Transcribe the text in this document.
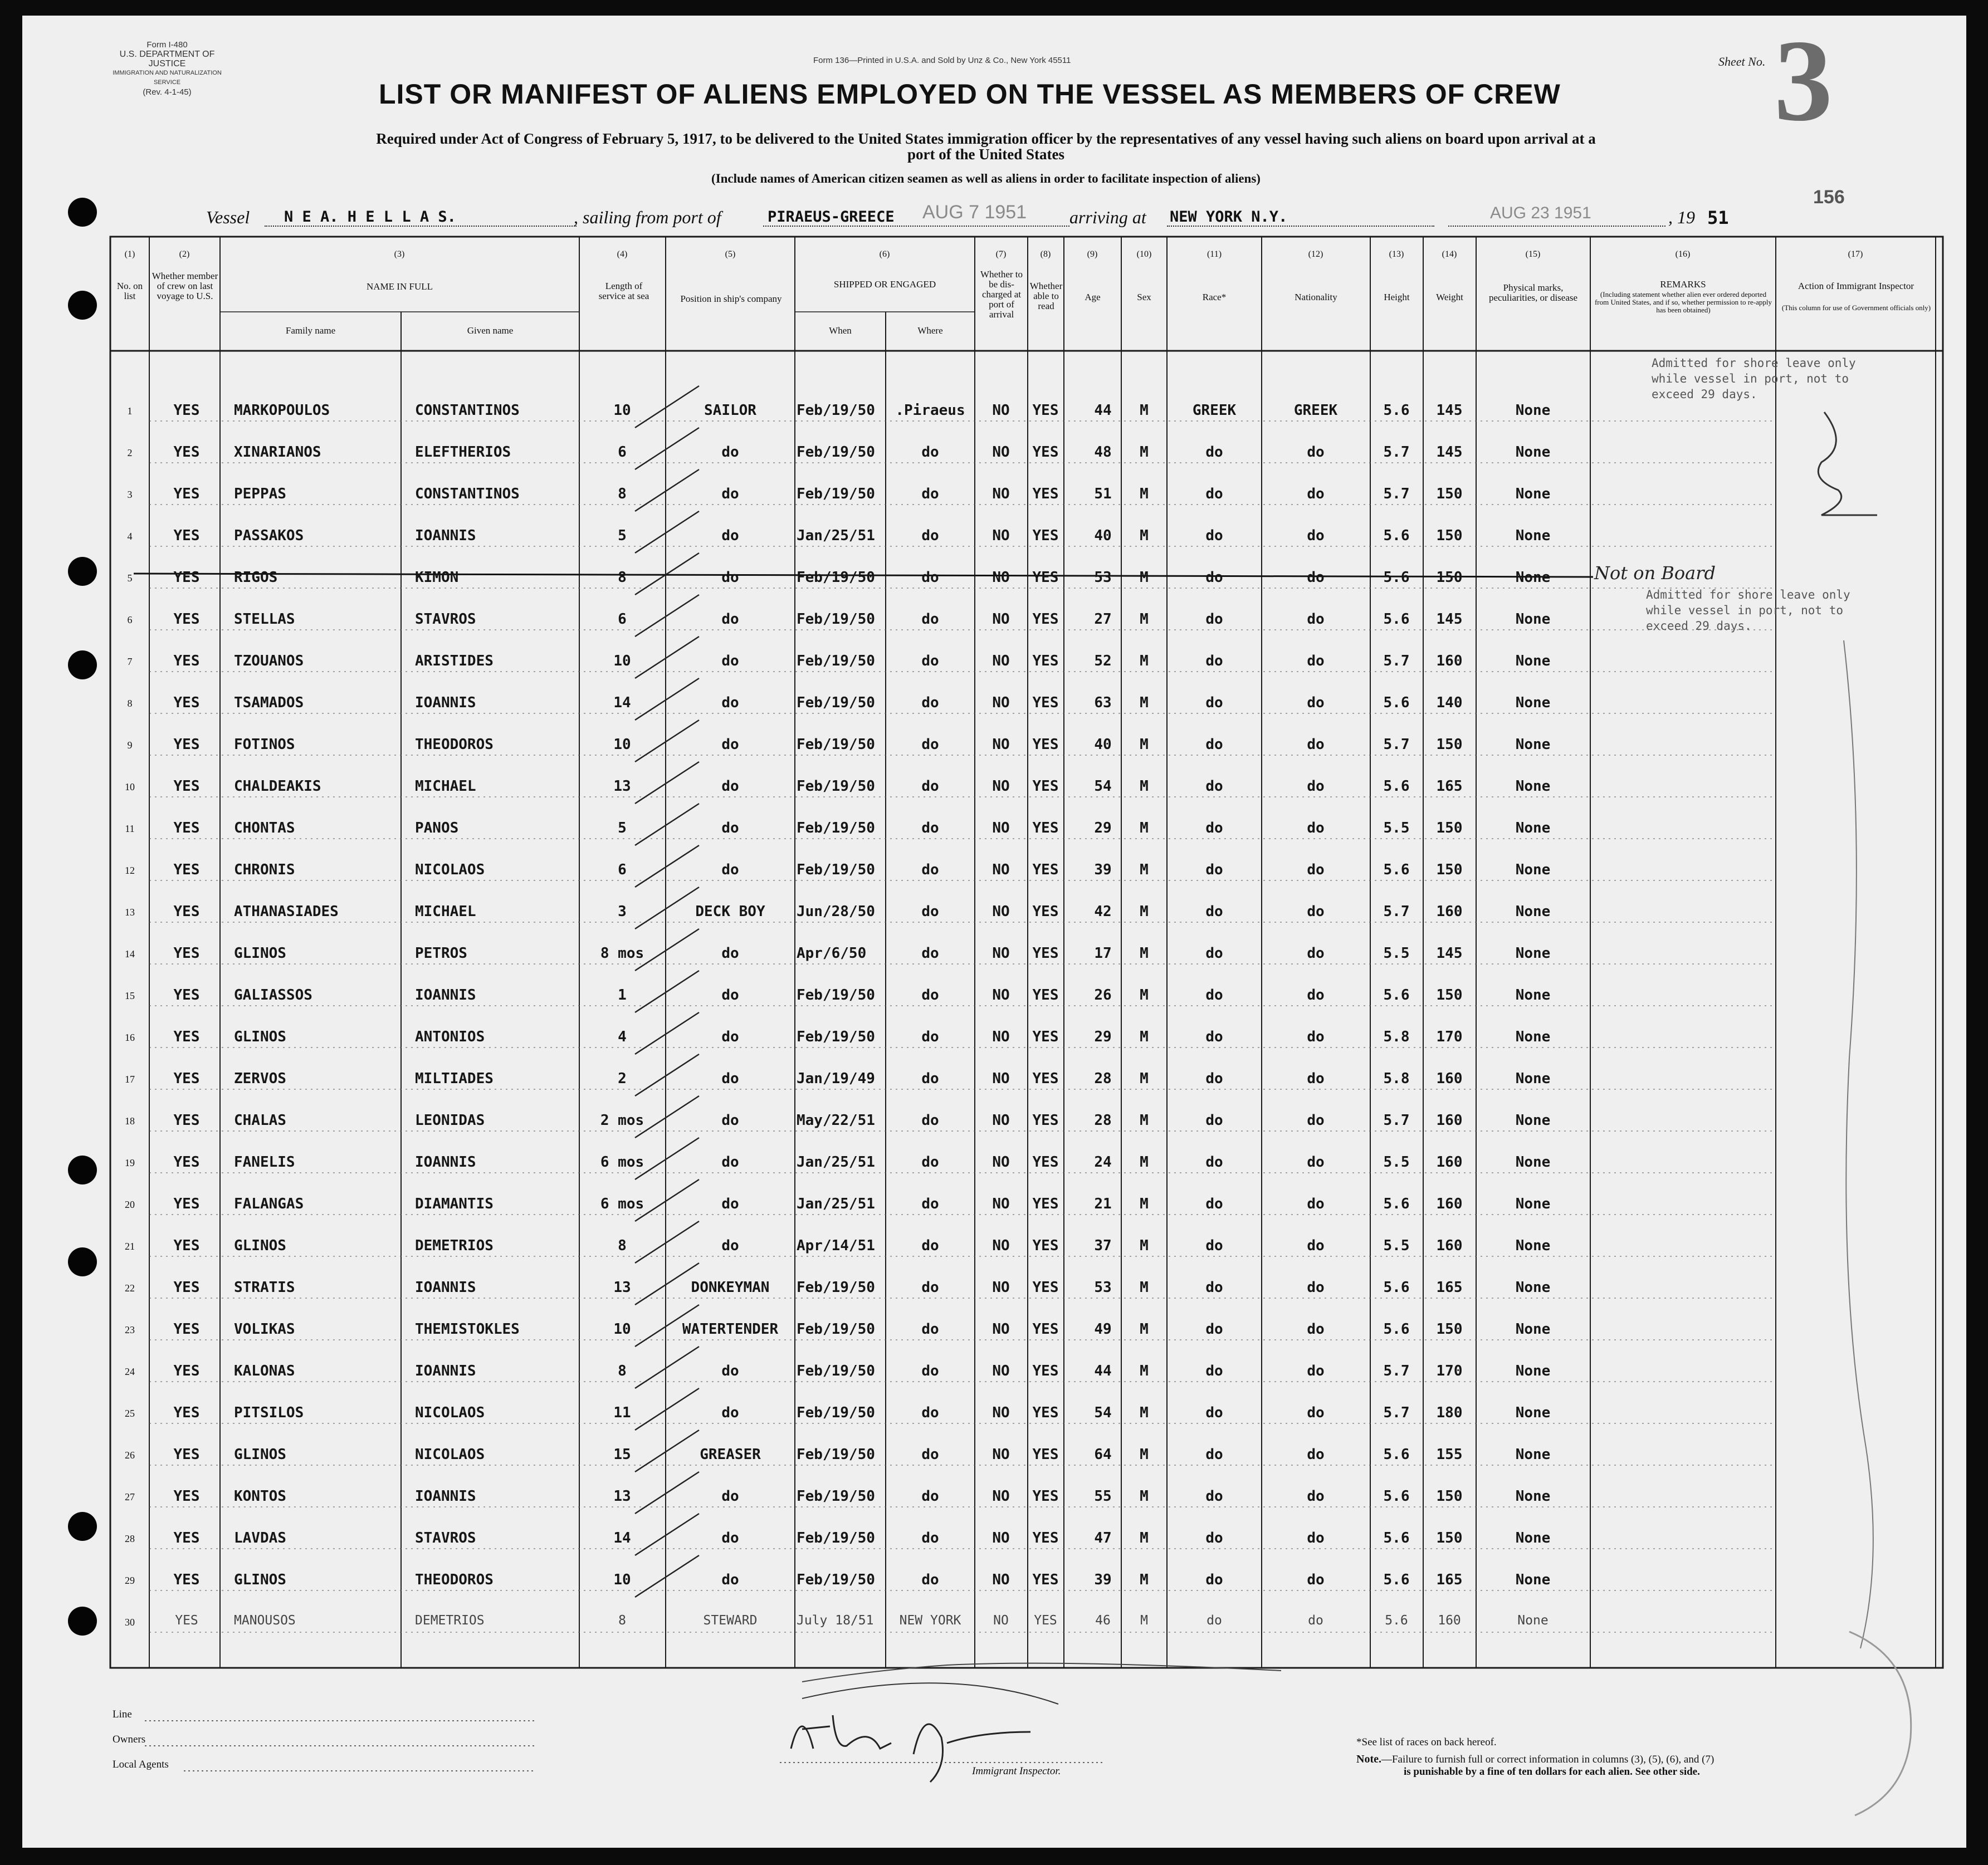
Form I-480
U.S. DEPARTMENT OF JUSTICE
IMMIGRATION AND NATURALIZATION SERVICE
(Rev. 4-1-45)
Form 136—Printed in U.S.A. and Sold by Unz & Co., New York 45511	Sheet No. 3
156
LIST OR MANIFEST OF ALIENS EMPLOYED ON THE VESSEL AS MEMBERS OF CREW
Required under Act of Congress of February 5, 1917, to be delivered to the United States immigration officer by the representatives of any vessel having such aliens on board upon arrival at a
port of the United States
(Include names of American citizen seamen as well as aliens in order to facilitate inspection of aliens)
Vessel N E A. H E L L A S.	, sailing from port of	PIRAEUS-GREECE AUG 7 1951 arriving at NEW YORK N.Y.	AUG 23 1951	, 19 51
(1)	(2)	(3)	(4)	(5)	(6)	(7)	(8)	(9)	(10)	(11)	(12)	(13)	(14)	(15)	(16)	(17)
No. on list
Whether member of crew on last voyage to U.S.
NAME IN FULL
Family name	Given name
Length of service at sea	Position in ship's company
SHIPPED OR ENGAGED
When	Where
Whether to be dis-charged at port of arrival
Whether able to read
Age	Sex	Race*	Nationality	Height	Weight
Physical marks, peculiarities, or disease
REMARKS
(Including statement whether alien ever ordered deported from United States, and if so, whether permission to re-apply has been obtained)
Action of Immigrant Inspector
(This column for use of Government officials only)
1	YES	MARKOPOULOS	CONSTANTINOS	10	SAILOR	Feb/19/50	.Piraeus	NO	YES	44	M	GREEK	GREEK	5.6	145	None
2	YES	XINARIANOS	ELEFTHERIOS	6	do	Feb/19/50	do	NO	YES	48	M	do	do	5.7	145	None
3	YES	PEPPAS	CONSTANTINOS	8	do	Feb/19/50	do	NO	YES	51	M	do	do	5.7	150	None
4	YES	PASSAKOS	IOANNIS	5	do	Jan/25/51	do	NO	YES	40	M	do	do	5.6	150	None
5	YES	RIGOS	KIMON	8	do	Feb/19/50	do	NO	YES	53	M	do	do	5.6	150	None
6	YES	STELLAS	STAVROS	6	do	Feb/19/50	do	NO	YES	27	M	do	do	5.6	145	None
7	YES	TZOUANOS	ARISTIDES	10	do	Feb/19/50	do	NO	YES	52	M	do	do	5.7	160	None
8	YES	TSAMADOS	IOANNIS	14	do	Feb/19/50	do	NO	YES	63	M	do	do	5.6	140	None
9	YES	FOTINOS	THEODOROS	10	do	Feb/19/50	do	NO	YES	40	M	do	do	5.7	150	None
10	YES	CHALDEAKIS	MICHAEL	13	do	Feb/19/50	do	NO	YES	54	M	do	do	5.6	165	None
11	YES	CHONTAS	PANOS	5	do	Feb/19/50	do	NO	YES	29	M	do	do	5.5	150	None
12	YES	CHRONIS	NICOLAOS	6	do	Feb/19/50	do	NO	YES	39	M	do	do	5.6	150	None
13	YES	ATHANASIADES	MICHAEL	3	DECK BOY	Jun/28/50	do	NO	YES	42	M	do	do	5.7	160	None
14	YES	GLINOS	PETROS	8 mos	do	Apr/6/50	do	NO	YES	17	M	do	do	5.5	145	None
15	YES	GALIASSOS	IOANNIS	1	do	Feb/19/50	do	NO	YES	26	M	do	do	5.6	150	None
16	YES	GLINOS	ANTONIOS	4	do	Feb/19/50	do	NO	YES	29	M	do	do	5.8	170	None
17	YES	ZERVOS	MILTIADES	2	do	Jan/19/49	do	NO	YES	28	M	do	do	5.8	160	None
18	YES	CHALAS	LEONIDAS	2 mos	do	May/22/51	do	NO	YES	28	M	do	do	5.7	160	None
19	YES	FANELIS	IOANNIS	6 mos	do	Jan/25/51	do	NO	YES	24	M	do	do	5.5	160	None
20	YES	FALANGAS	DIAMANTIS	6 mos	do	Jan/25/51	do	NO	YES	21	M	do	do	5.6	160	None
21	YES	GLINOS	DEMETRIOS	8	do	Apr/14/51	do	NO	YES	37	M	do	do	5.5	160	None
22	YES	STRATIS	IOANNIS	13	DONKEYMAN	Feb/19/50	do	NO	YES	53	M	do	do	5.6	165	None
23	YES	VOLIKAS	THEMISTOKLES	10	WATERTENDER	Feb/19/50	do	NO	YES	49	M	do	do	5.6	150	None
24	YES	KALONAS	IOANNIS	8	do	Feb/19/50	do	NO	YES	44	M	do	do	5.7	170	None
25	YES	PITSILOS	NICOLAOS	11	do	Feb/19/50	do	NO	YES	54	M	do	do	5.7	180	None
26	YES	GLINOS	NICOLAOS	15	GREASER	Feb/19/50	do	NO	YES	64	M	do	do	5.6	155	None
27	YES	KONTOS	IOANNIS	13	do	Feb/19/50	do	NO	YES	55	M	do	do	5.6	150	None
28	YES	LAVDAS	STAVROS	14	do	Feb/19/50	do	NO	YES	47	M	do	do	5.6	150	None
29	YES	GLINOS	THEODOROS	10	do	Feb/19/50	do	NO	YES	39	M	do	do	5.6	165	None
30	YES	MANOUSOS	DEMETRIOS	8	STEWARD	July 18/51	NEW YORK	NO	YES	46	M	do	do	5.6	160	None
Admitted for shore leave only
while vessel in port, not to
exceed 29 days.
Not on Board
Admitted for shore leave only
while vessel in port, not to
exceed 29 days.
Line
Owners
Local Agents
Immigrant Inspector.
*See list of races on back hereof.
Note.—Failure to furnish full or correct information in columns (3), (5), (6), and (7)
is punishable by a fine of ten dollars for each alien. See other side.
